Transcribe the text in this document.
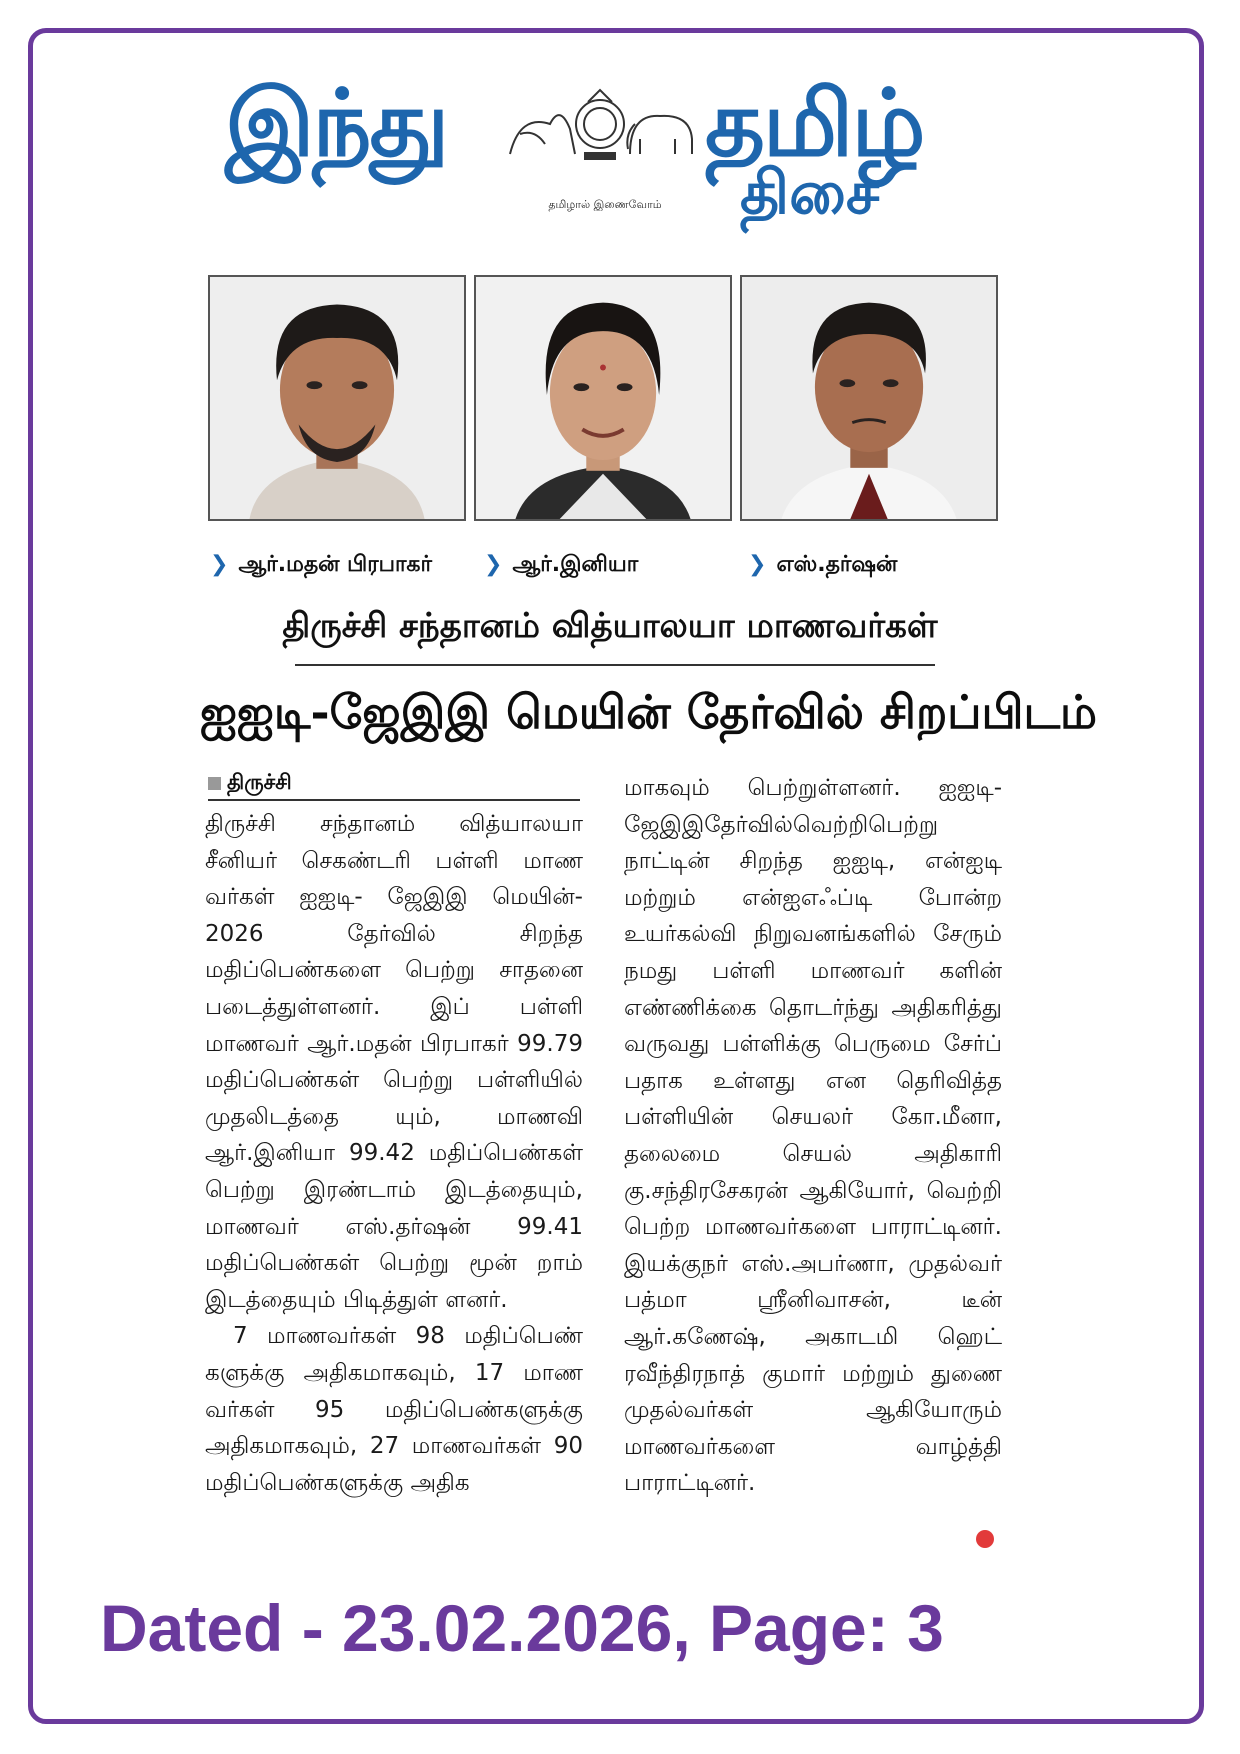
இந்து
தமிழால் இணைவோம்
தமிழ்
திசை
❯ ஆர்.மதன் பிரபாகர் ❯ ஆர்.இனியா	❯ எஸ்.தர்ஷன்
திருச்சி சந்தானம் வித்யாலயா மாணவர்கள்
ஐஐடி-ஜேஇஇ மெயின் தேர்வில் சிறப்பிடம்
திருச்சி

திருச்சி சந்தானம் வித்யாலயா சீனியர் செகண்டரி பள்ளி மாண வர்கள் ஐஐடி- ஜேஇஇ மெயின்- 2026 தேர்வில் சிறந்த மதிப்பெண்களை பெற்று சாதனை படைத்துள்ளனர். இப் பள்ளி மாணவர் ஆர்.மதன் பிரபாகர் 99.79 மதிப்பெண்கள் பெற்று பள்ளியில் முதலிடத்தை யும், மாணவி ஆர்.இனியா 99.42 மதிப்பெண்கள் பெற்று இரண்டாம் இடத்தையும், மாணவர் எஸ்.தர்ஷன் 99.41 மதிப்பெண்கள் பெற்று மூன் றாம் இடத்தையும் பிடித்துள் ளனர்.

7 மாணவர்கள் 98 மதிப்பெண் களுக்கு அதிகமாகவும், 17 மாண வர்கள் 95 மதிப்பெண்களுக்கு அதிகமாகவும், 27 மாணவர்கள் 90 மதிப்பெண்களுக்கு அதிக

மாகவும் பெற்றுள்ளனர். ஐஐடி- ஜேஇஇதேர்வில்வெற்றிபெற்று நாட்டின் சிறந்த ஐஐடி, என்ஐடி மற்றும் என்ஐஎஃப்டி போன்ற உயர்கல்வி நிறுவனங்களில் சேரும் நமது பள்ளி மாணவர் களின் எண்ணிக்கை தொடர்ந்து அதிகரித்து வருவது பள்ளிக்கு பெருமை சேர்ப் பதாக உள்ளது என தெரிவித்த பள்ளியின் செயலர் கோ.மீனா, தலைமை செயல் அதிகாரி கு.சந்திரசேகரன் ஆகியோர், வெற்றி பெற்ற மாணவர்களை பாராட்டினர். இயக்குநர் எஸ்.அபர்ணா, முதல்வர் பத்மா ஸ்ரீனிவாசன், டீன் ஆர்.கணேஷ், அகாடமி ஹெட் ரவீந்திரநாத் குமார் மற்றும் துணை முதல்வர்கள் ஆகியோரும் மாணவர்களை வாழ்த்தி பாராட்டினர்.

Dated - 23.02.2026, Page: 3
